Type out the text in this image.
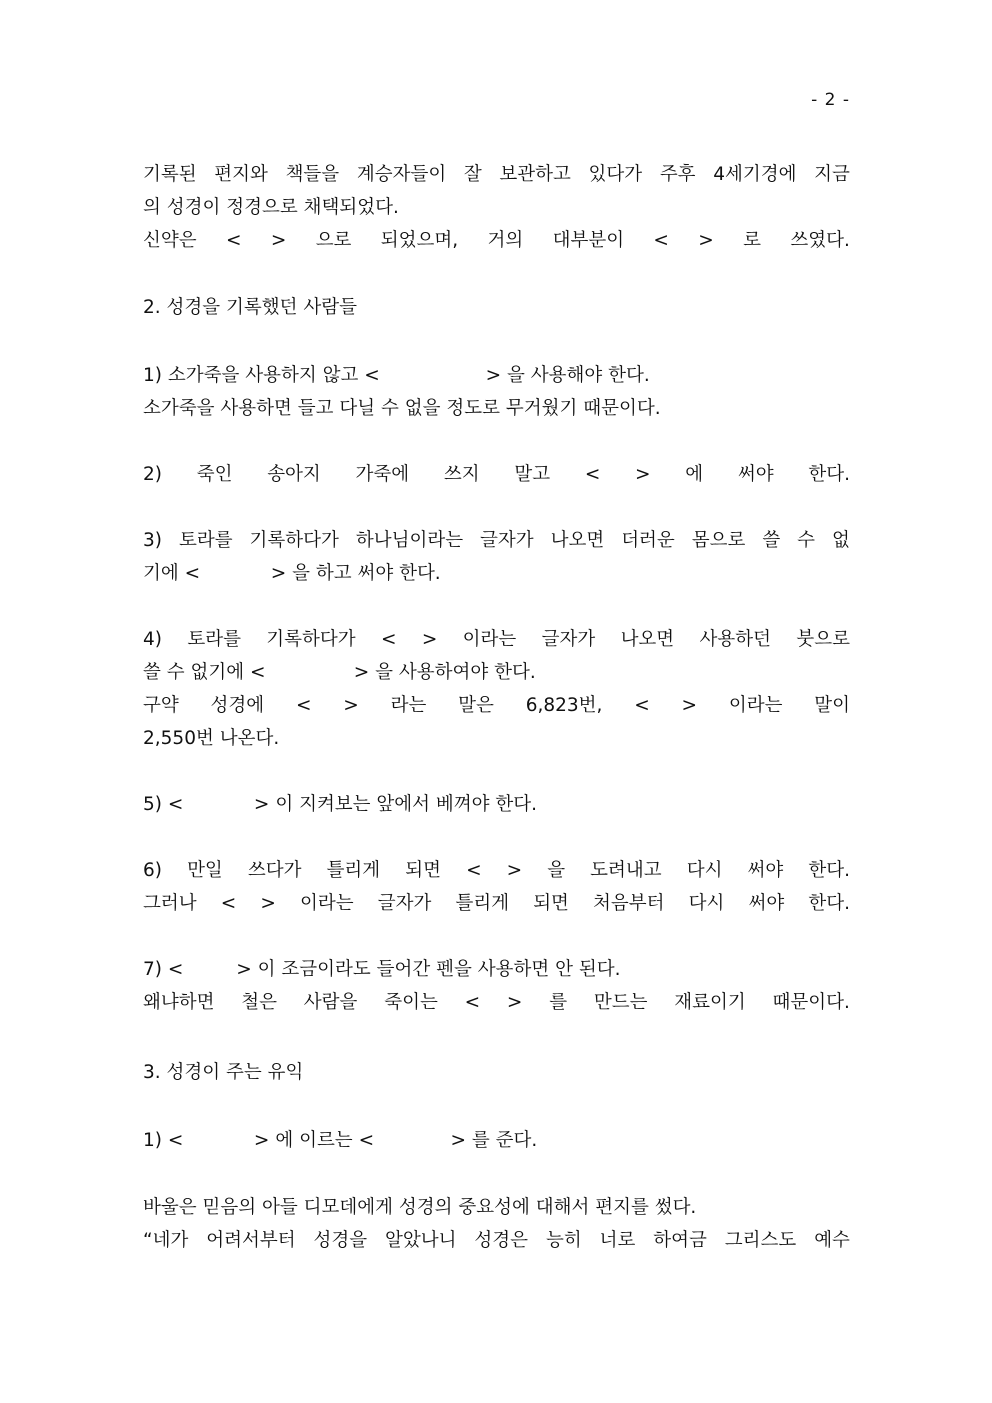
- 2 -
기록된 편지와 책들을 계승자들이 잘 보관하고 있다가 주후 4세기경에 지금
의 성경이 정경으로 채택되었다.
신약은 < > 으로 되었으며, 거의 대부분이 < > 로 쓰였다.
2. 성경을 기록했던 사람들
1) 소가죽을 사용하지 않고 <                  > 을 사용해야 한다.
소가죽을 사용하면 들고 다닐 수 없을 정도로 무거웠기 때문이다.
2) 죽인 송아지 가죽에 쓰지 말고 < > 에 써야 한다.
3) 토라를 기록하다가 하나님이라는 글자가 나오면 더러운 몸으로 쓸 수 없
기에 <            > 을 하고 써야 한다.
4) 토라를 기록하다가 < > 이라는 글자가 나오면 사용하던 붓으로
쓸 수 없기에 <               > 을 사용하여야 한다.
구약 성경에 < > 라는 말은 6,823번, < > 이라는 말이
2,550번 나온다.
5) <            > 이 지켜보는 앞에서 베껴야 한다.
6) 만일 쓰다가 틀리게 되면 < > 을 도려내고 다시 써야 한다.
그러나 < > 이라는 글자가 틀리게 되면 처음부터 다시 써야 한다.
7) <         > 이 조금이라도 들어간 펜을 사용하면 안 된다.
왜냐하면 철은 사람을 죽이는 < > 를 만드는 재료이기 때문이다.
3. 성경이 주는 유익
1) <            > 에 이르는 <             > 를 준다.
바울은 믿음의 아들 디모데에게 성경의 중요성에 대해서 편지를 썼다.
“네가 어려서부터 성경을 알았나니 성경은 능히 너로 하여금 그리스도 예수
